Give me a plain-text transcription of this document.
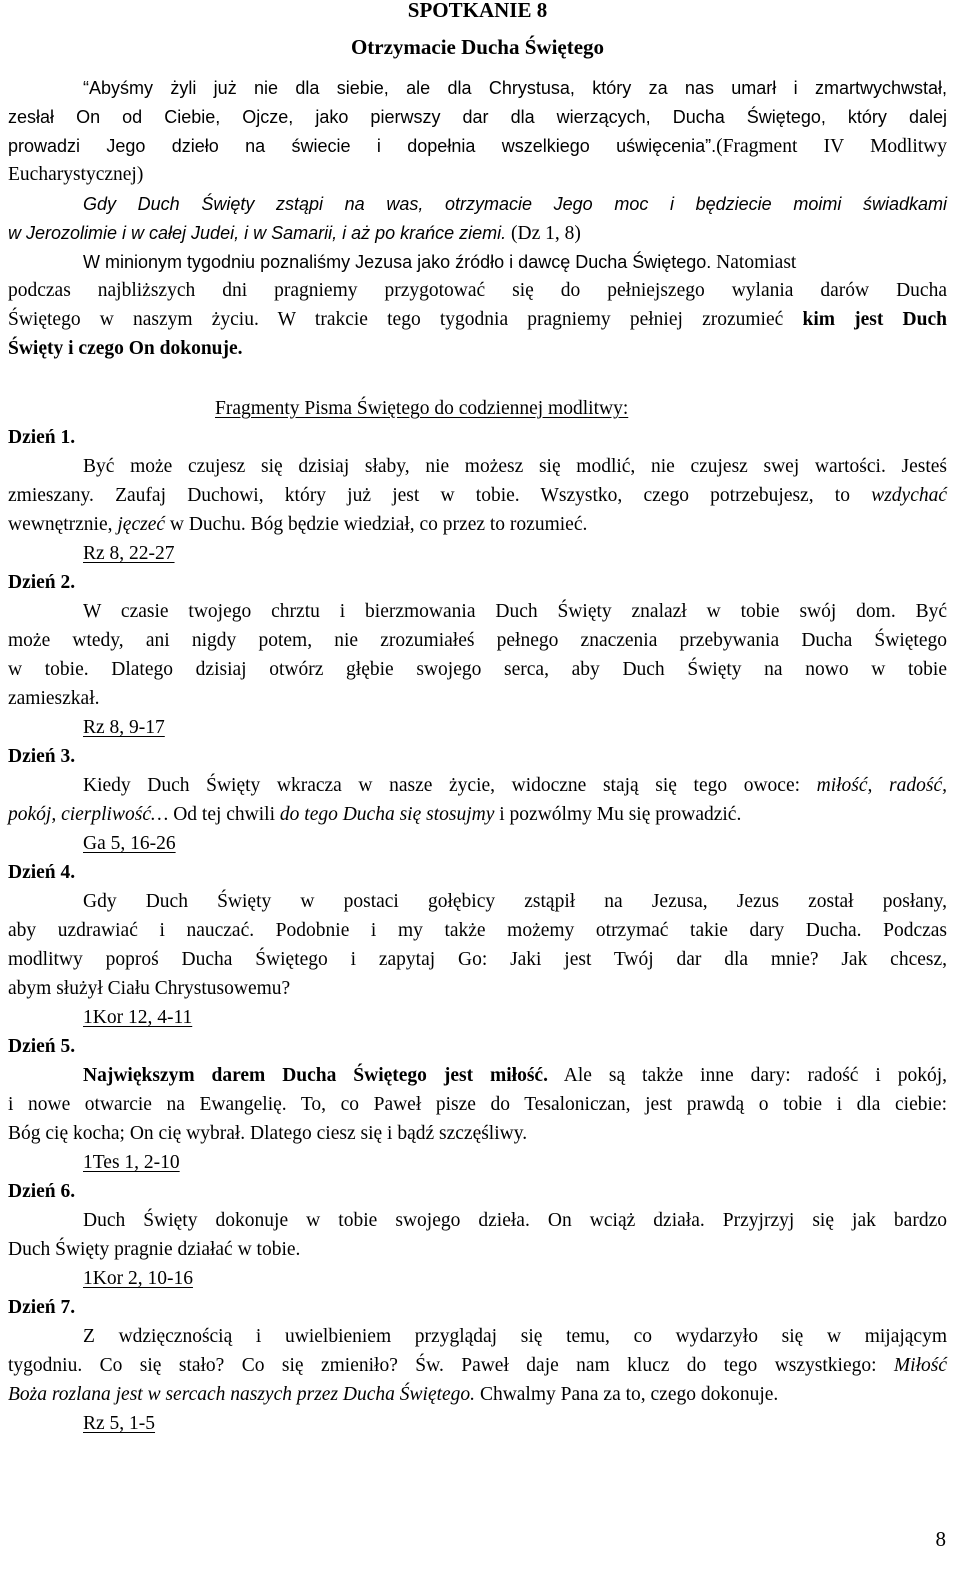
SPOTKANIE 8
Otrzymacie Ducha Świętego
“Abyśmy żyli już nie dla siebie, ale dla Chrystusa, który za nas umarł i zmartwychwstał,
zesłał On od Ciebie, Ojcze, jako pierwszy dar dla wierzących, Ducha Świętego, który dalej
prowadzi Jego dzieło na świecie i dopełnia wszelkiego uświęcenia”.(Fragment IV Modlitwy
Eucharystycznej)
Gdy Duch Święty zstąpi na was, otrzymacie Jego moc i będziecie moimi świadkami
w Jerozolimie i w całej Judei, i w Samarii, i aż po krańce ziemi. (Dz 1, 8)
W minionym tygodniu poznaliśmy Jezusa jako źródło i dawcę Ducha Świętego. Natomiast
podczas najbliższych dni pragniemy przygotować się do pełniejszego wylania darów Ducha
Świętego w naszym życiu. W trakcie tego tygodnia pragniemy pełniej zrozumieć kim jest Duch
Święty i czego On dokonuje.
Fragmenty Pisma Świętego do codziennej modlitwy:
Dzień 1.
Być może czujesz się dzisiaj słaby, nie możesz się modlić, nie czujesz swej wartości. Jesteś
zmieszany. Zaufaj Duchowi, który już jest w tobie. Wszystko, czego potrzebujesz, to wzdychać
wewnętrznie, jęczeć w Duchu. Bóg będzie wiedział, co przez to rozumieć.
Rz 8, 22-27
Dzień 2.
W czasie twojego chrztu i bierzmowania Duch Święty znalazł w tobie swój dom. Być
może wtedy, ani nigdy potem, nie zrozumiałeś pełnego znaczenia przebywania Ducha Świętego
w tobie. Dlatego dzisiaj otwórz głębie swojego serca, aby Duch Święty na nowo w tobie
zamieszkał.
Rz 8, 9-17
Dzień 3.
Kiedy Duch Święty wkracza w nasze życie, widoczne stają się tego owoce: miłość, radość,
pokój, cierpliwość… Od tej chwili do tego Ducha się stosujmy i pozwólmy Mu się prowadzić.
Ga 5, 16-26
Dzień 4.
Gdy Duch Święty w postaci gołębicy zstąpił na Jezusa, Jezus został posłany,
aby uzdrawiać i nauczać. Podobnie i my także możemy otrzymać takie dary Ducha. Podczas
modlitwy poproś Ducha Świętego i zapytaj Go: Jaki jest Twój dar dla mnie? Jak chcesz,
abym służył Ciału Chrystusowemu?
1Kor 12, 4-11
Dzień 5.
Największym darem Ducha Świętego jest miłość. Ale są także inne dary: radość i pokój,
i nowe otwarcie na Ewangelię. To, co Paweł pisze do Tesaloniczan, jest prawdą o tobie i dla ciebie:
Bóg cię kocha; On cię wybrał. Dlatego ciesz się i bądź szczęśliwy.
1Tes 1, 2-10
Dzień 6.
Duch Święty dokonuje w tobie swojego dzieła. On wciąż działa. Przyjrzyj się jak bardzo
Duch Święty pragnie działać w tobie.
1Kor 2, 10-16
Dzień 7.
Z wdzięcznością i uwielbieniem przyglądaj się temu, co wydarzyło się w mijającym
tygodniu. Co się stało? Co się zmieniło? Św. Paweł daje nam klucz do tego wszystkiego: Miłość
Boża rozlana jest w sercach naszych przez Ducha Świętego. Chwalmy Pana za to, czego dokonuje.
Rz 5, 1-5
8
